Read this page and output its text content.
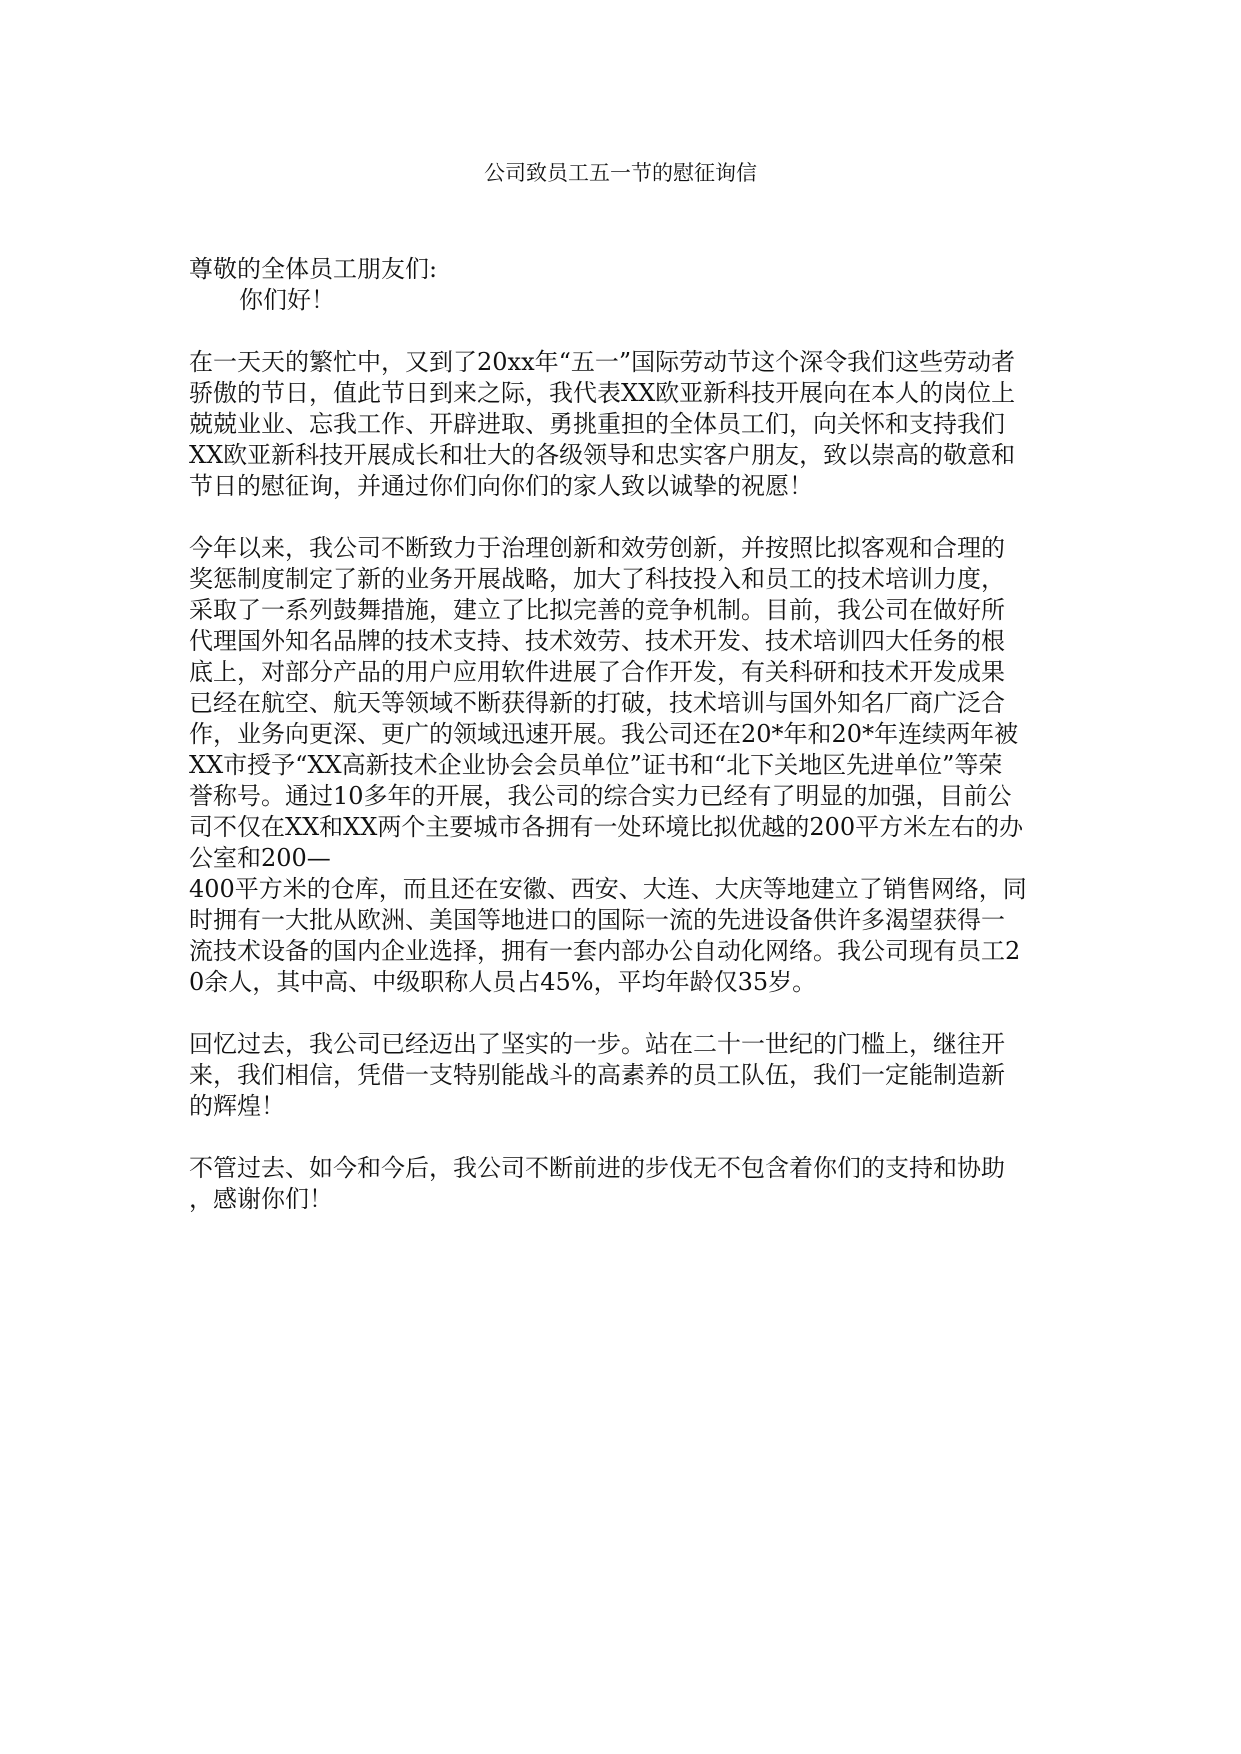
公司致员工五一节的慰征询信
尊敬的全体员工朋友们:
你们好！
在一天天的繁忙中，又到了20xx年“五一”国际劳动节这个深令我们这些劳动者
骄傲的节日，值此节日到来之际，我代表XX欧亚新科技开展向在本人的岗位上
兢兢业业、忘我工作、开辟进取、勇挑重担的全体员工们，向关怀和支持我们
XX欧亚新科技开展成长和壮大的各级领导和忠实客户朋友，致以崇高的敬意和
节日的慰征询，并通过你们向你们的家人致以诚挚的祝愿！
今年以来，我公司不断致力于治理创新和效劳创新，并按照比拟客观和合理的
奖惩制度制定了新的业务开展战略，加大了科技投入和员工的技术培训力度，
采取了一系列鼓舞措施，建立了比拟完善的竞争机制。目前，我公司在做好所
代理国外知名品牌的技术支持、技术效劳、技术开发、技术培训四大任务的根
底上，对部分产品的用户应用软件进展了合作开发，有关科研和技术开发成果
已经在航空、航天等领域不断获得新的打破，技术培训与国外知名厂商广泛合
作，业务向更深、更广的领域迅速开展。我公司还在20*年和20*年连续两年被
XX市授予“XX高新技术企业协会会员单位”证书和“北下关地区先进单位”等荣
誉称号。通过10多年的开展，我公司的综合实力已经有了明显的加强，目前公
司不仅在XX和XX两个主要城市各拥有一处环境比拟优越的200平方米左右的办
公室和200—
400平方米的仓库，而且还在安徽、西安、大连、大庆等地建立了销售网络，同
时拥有一大批从欧洲、美国等地进口的国际一流的先进设备供许多渴望获得一
流技术设备的国内企业选择，拥有一套内部办公自动化网络。我公司现有员工2
0余人，其中高、中级职称人员占45%，平均年龄仅35岁。
回忆过去，我公司已经迈出了坚实的一步。站在二十一世纪的门槛上，继往开
来，我们相信，凭借一支特别能战斗的高素养的员工队伍，我们一定能制造新
的辉煌！
不管过去、如今和今后，我公司不断前进的步伐无不包含着你们的支持和协助
，感谢你们！
